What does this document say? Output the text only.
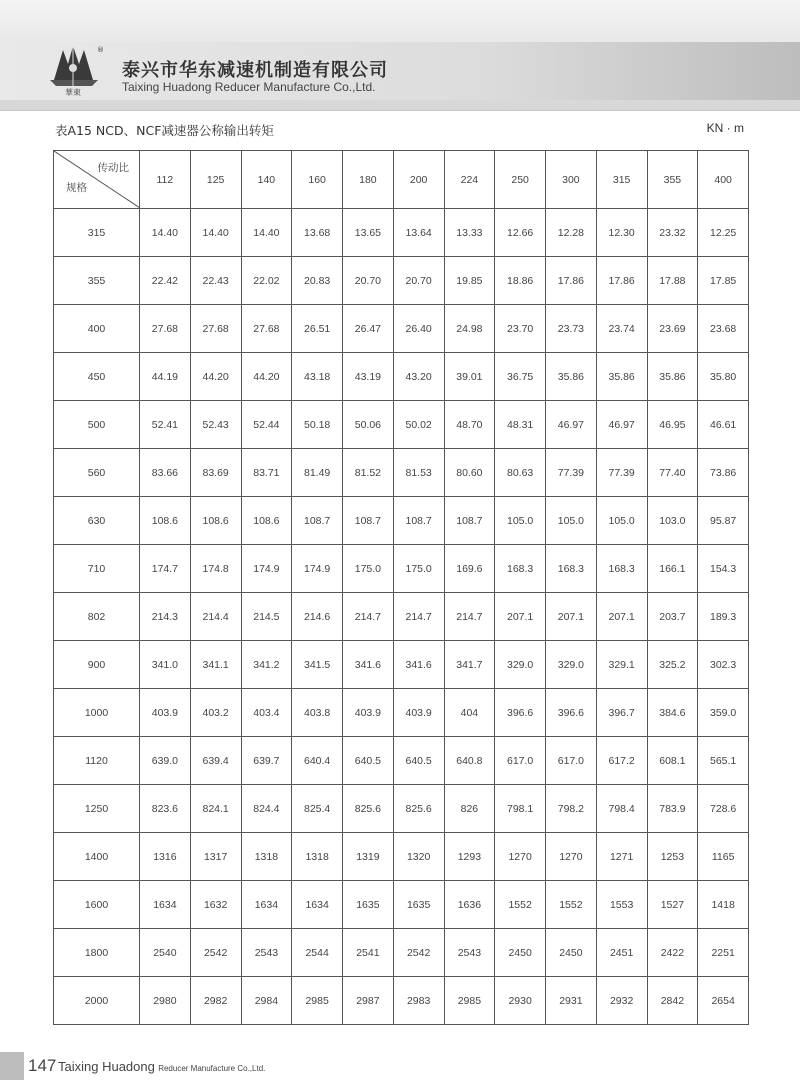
®
華東
泰兴市华东减速机制造有限公司
Taixing Huadong Reducer Manufacture Co.,Ltd.
表A15 NCD、NCF减速器公称输出转矩	KN · m
传动比
规格	112	125	140	160	180	200	224	250	300	315	355	400
315	14.40	14.40	14.40	13.68	13.65	13.64	13.33	12.66	12.28	12.30	23.32	12.25
355	22.42	22.43	22.02	20.83	20.70	20.70	19.85	18.86	17.86	17.86	17.88	17.85
400	27.68	27.68	27.68	26.51	26.47	26.40	24.98	23.70	23.73	23.74	23.69	23.68
450	44.19	44.20	44.20	43.18	43.19	43.20	39.01	36.75	35.86	35.86	35.86	35.80
500	52.41	52.43	52.44	50.18	50.06	50.02	48.70	48.31	46.97	46.97	46.95	46.61
560	83.66	83.69	83.71	81.49	81.52	81.53	80.60	80.63	77.39	77.39	77.40	73.86
630	108.6	108.6	108.6	108.7	108.7	108.7	108.7	105.0	105.0	105.0	103.0	95.87
710	174.7	174.8	174.9	174.9	175.0	175.0	169.6	168.3	168.3	168.3	166.1	154.3
802	214.3	214.4	214.5	214.6	214.7	214.7	214.7	207.1	207.1	207.1	203.7	189.3
900	341.0	341.1	341.2	341.5	341.6	341.6	341.7	329.0	329.0	329.1	325.2	302.3
1000	403.9	403.2	403.4	403.8	403.9	403.9	404	396.6	396.6	396.7	384.6	359.0
1120	639.0	639.4	639.7	640.4	640.5	640.5	640.8	617.0	617.0	617.2	608.1	565.1
1250	823.6	824.1	824.4	825.4	825.6	825.6	826	798.1	798.2	798.4	783.9	728.6
1400	1316	1317	1318	1318	1319	1320	1293	1270	1270	1271	1253	1165
1600	1634	1632	1634	1634	1635	1635	1636	1552	1552	1553	1527	1418
1800	2540	2542	2543	2544	2541	2542	2543	2450	2450	2451	2422	2251
2000	2980	2982	2984	2985	2987	2983	2985	2930	2931	2932	2842	2654
147 Taixing Huadong Reducer Manufacture Co.,Ltd.
